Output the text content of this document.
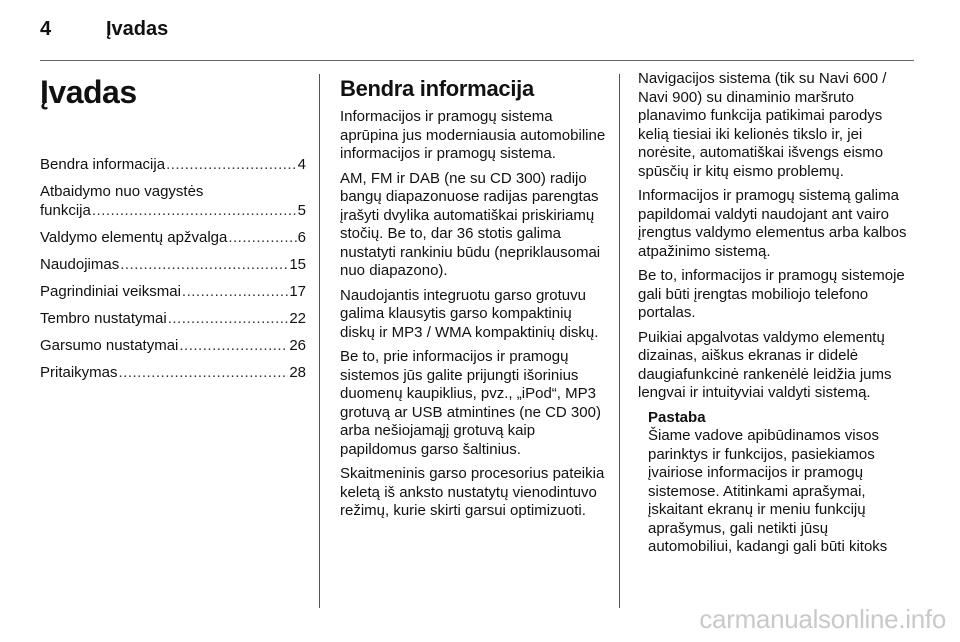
4	Įvadas
Įvadas
Bendra informacija .....	4
Atbaidymo nuo vagystės
funkcija .....	5
Valdymo elementų apžvalga .....	6
Naudojimas .....	15
Pagrindiniai veiksmai .....	17
Tembro nustatymai .....	22
Garsumo nustatymai .....	26
Pritaikymas .....	28
Bendra informacija

Informacijos ir pramogų sistema aprūpina jus moderniausia automobiline informacijos ir pramogų sistema.

AM, FM ir DAB (ne su CD 300) radijo bangų diapazonuose radijas parengtas įrašyti dvylika automatiškai priskiriamų stočių. Be to, dar 36 stotis galima nustatyti rankiniu būdu (nepriklausomai nuo diapazono).

Naudojantis integruotu garso grotuvu galima klausytis garso kompaktinių diskų ir MP3 / WMA kompaktinių diskų.

Be to, prie informacijos ir pramogų sistemos jūs galite prijungti išorinius duomenų kaupiklius, pvz., „iPod“, MP3 grotuvą ar USB atmintines (ne CD 300) arba nešiojamąjį grotuvą kaip papildomus garso šaltinius.

Skaitmeninis garso procesorius pateikia keletą iš anksto nustatytų vienodintuvo režimų, kurie skirti garsui optimizuoti.

Navigacijos sistema (tik su Navi 600 / Navi 900) su dinaminio maršruto planavimo funkcija patikimai parodys kelią tiesiai iki kelionės tikslo ir, jei norėsite, automatiškai išvengs eismo spūsčių ir kitų eismo problemų.

Informacijos ir pramogų sistemą galima papildomai valdyti naudojant ant vairo įrengtus valdymo elementus arba kalbos atpažinimo sistemą.

Be to, informacijos ir pramogų sistemoje gali būti įrengtas mobiliojo telefono portalas.

Puikiai apgalvotas valdymo elementų dizainas, aiškus ekranas ir didelė daugiafunkcinė rankenėlė leidžia jums lengvai ir intuityviai valdyti sistemą.

Pastaba

Šiame vadove apibūdinamos visos parinktys ir funkcijos, pasiekiamos įvairiose informacijos ir pramogų sistemose. Atitinkami aprašymai, įskaitant ekranų ir meniu funkcijų aprašymus, gali netikti jūsų automobiliui, kadangi gali būti kitoks

carmanualsonline.info
